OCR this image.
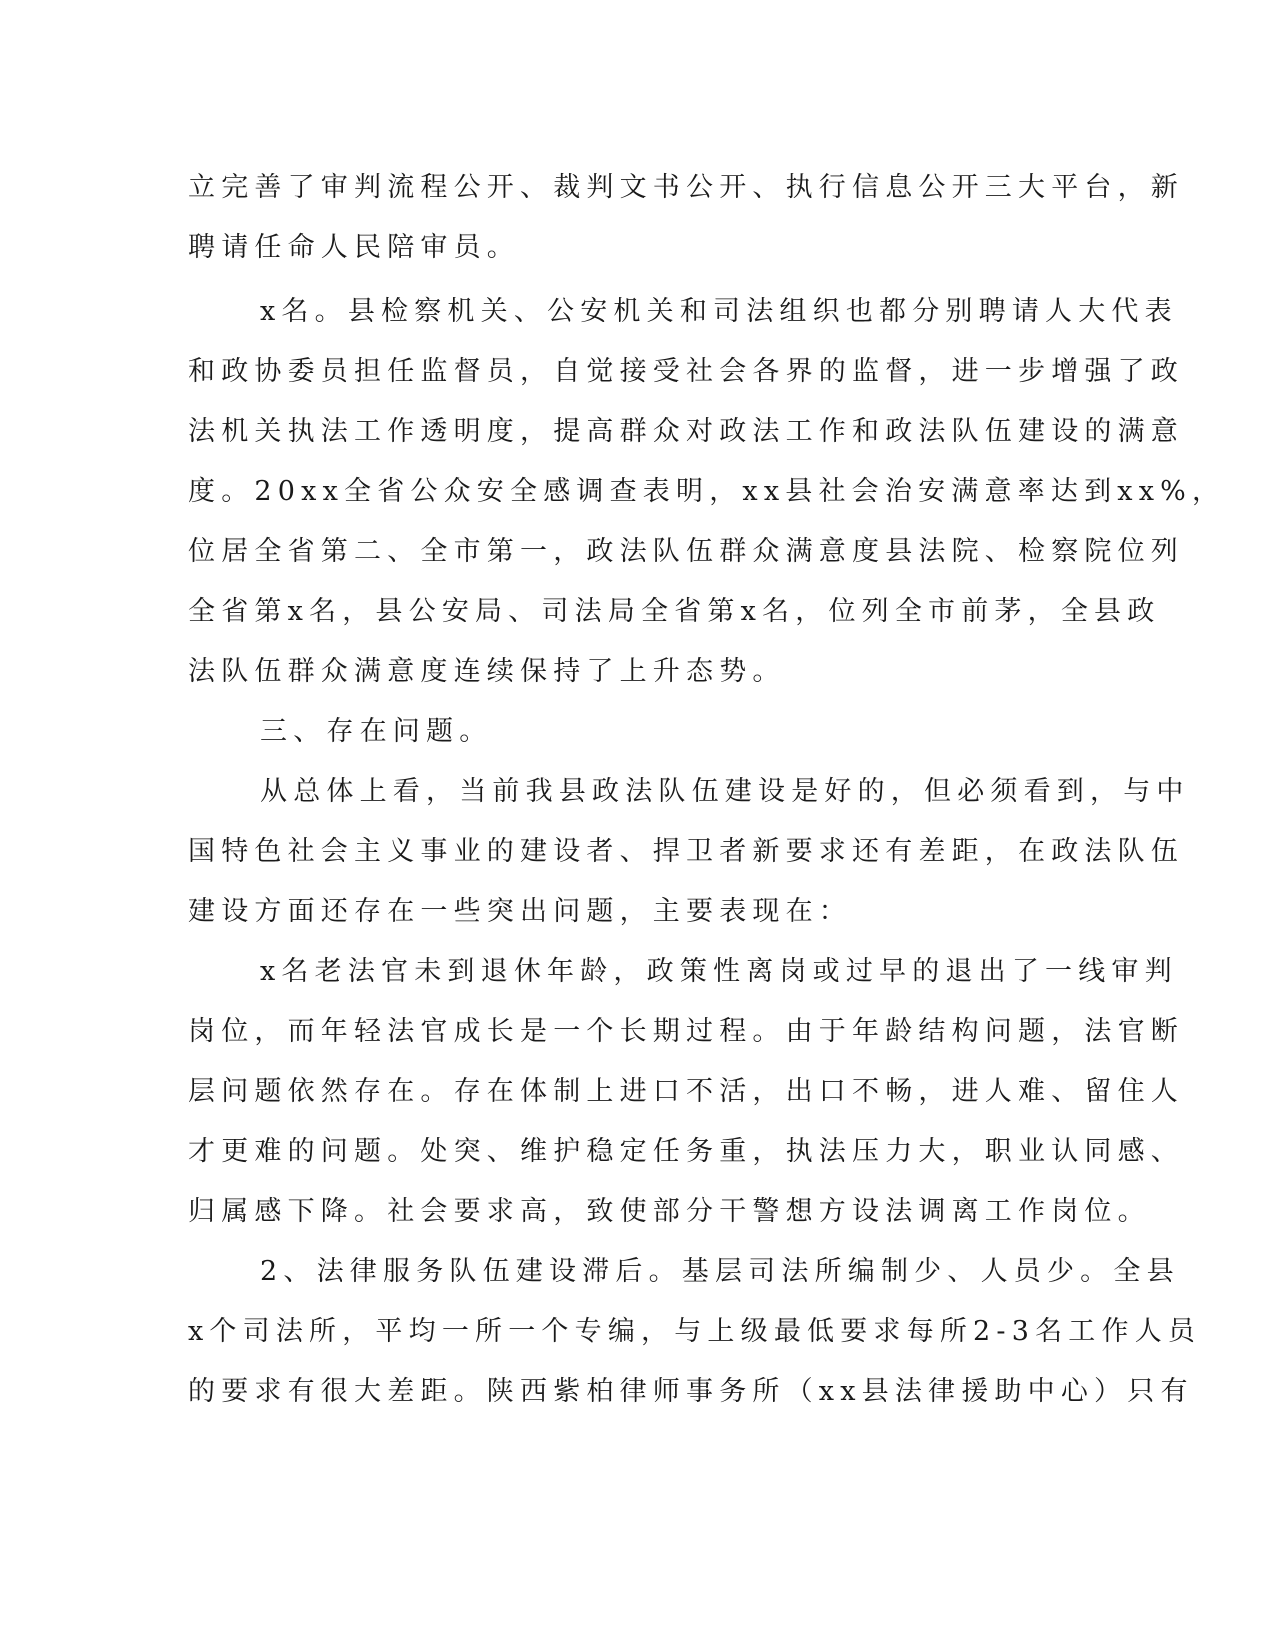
立完善了审判流程公开、裁判文书公开、执行信息公开三大平台，新
聘请任命人民陪审员。
x名。县检察机关、公安机关和司法组织也都分别聘请人大代表
和政协委员担任监督员，自觉接受社会各界的监督，进一步增强了政
法机关执法工作透明度，提高群众对政法工作和政法队伍建设的满意
度。20xx全省公众安全感调查表明，xx县社会治安满意率达到xx%，
位居全省第二、全市第一，政法队伍群众满意度县法院、检察院位列
全省第x名，县公安局、司法局全省第x名，位列全市前茅，全县政
法队伍群众满意度连续保持了上升态势。
三、存在问题。
从总体上看，当前我县政法队伍建设是好的，但必须看到，与中
国特色社会主义事业的建设者、捍卫者新要求还有差距，在政法队伍
建设方面还存在一些突出问题，主要表现在：
x名老法官未到退休年龄，政策性离岗或过早的退出了一线审判
岗位，而年轻法官成长是一个长期过程。由于年龄结构问题，法官断
层问题依然存在。存在体制上进口不活，出口不畅，进人难、留住人
才更难的问题。处突、维护稳定任务重，执法压力大，职业认同感、
归属感下降。社会要求高，致使部分干警想方设法调离工作岗位。
2、法律服务队伍建设滞后。基层司法所编制少、人员少。全县
x个司法所，平均一所一个专编，与上级最低要求每所2-3名工作人员
的要求有很大差距。陕西紫柏律师事务所（xx县法律援助中心）只有
